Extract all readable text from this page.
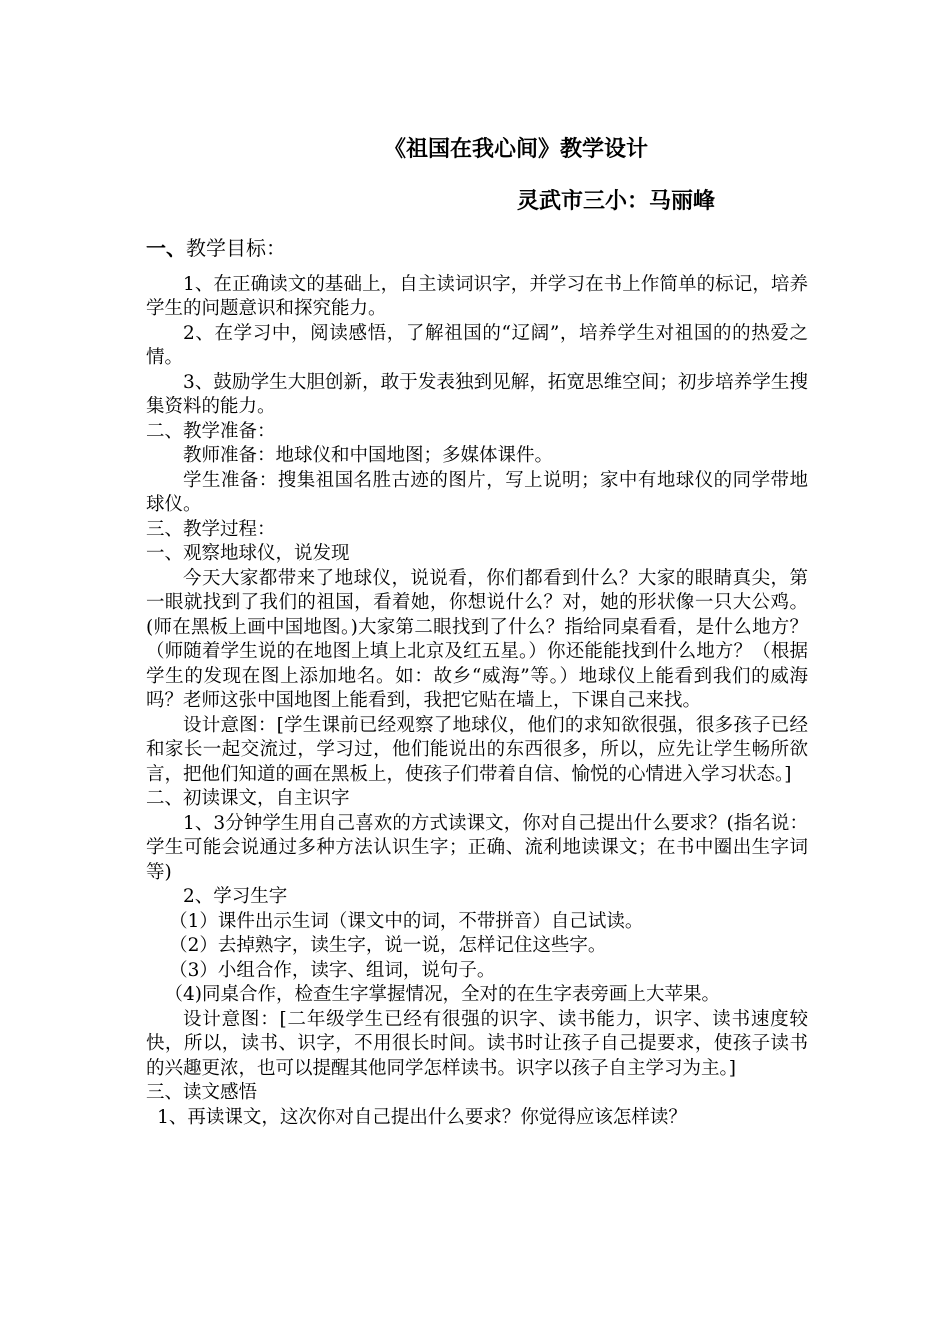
《祖国在我心间》教学设计
灵武市三小：马丽峰

一、教学目标：

1、在正确读文的基础上，自主读词识字，并学习在书上作简单的标记，培养学生的问题意识和探究能力。

2、在学习中，阅读感悟，了解祖国的“辽阔”，培养学生对祖国的的热爱之情。

3、鼓励学生大胆创新，敢于发表独到见解，拓宽思维空间；初步培养学生搜集资料的能力。

二、教学准备：

教师准备：地球仪和中国地图；多媒体课件。

学生准备：搜集祖国名胜古迹的图片，写上说明；家中有地球仪的同学带地球仪。

三、教学过程：

一、观察地球仪，说发现

今天大家都带来了地球仪，说说看，你们都看到什么？大家的眼睛真尖，第一眼就找到了我们的祖国，看着她，你想说什么？对，她的形状像一只大公鸡。(师在黑板上画中国地图。)大家第二眼找到了什么？指给同桌看看，是什么地方？（师随着学生说的在地图上填上北京及红五星。）你还能能找到什么地方？（根据学生的发现在图上添加地名。如：故乡“威海”等。）地球仪上能看到我们的威海吗？老师这张中国地图上能看到，我把它贴在墙上，下课自己来找。

设计意图：[学生课前已经观察了地球仪，他们的求知欲很强，很多孩子已经和家长一起交流过，学习过，他们能说出的东西很多，所以，应先让学生畅所欲言，把他们知道的画在黑板上，使孩子们带着自信、愉悦的心情进入学习状态。]

二、初读课文，自主识字

1、3分钟学生用自己喜欢的方式读课文，你对自己提出什么要求？(指名说：学生可能会说通过多种方法认识生字；正确、流利地读课文；在书中圈出生字词等)

2、学习生字

（1）课件出示生词（课文中的词，不带拼音）自己试读。

（2）去掉熟字，读生字，说一说，怎样记住这些字。

（3）小组合作，读字、组词，说句子。

（4)同桌合作，检查生字掌握情况，全对的在生字表旁画上大苹果。

设计意图：[二年级学生已经有很强的识字、读书能力，识字、读书速度较快，所以，读书、识字，不用很长时间。读书时让孩子自己提要求，使孩子读书的兴趣更浓，也可以提醒其他同学怎样读书。识字以孩子自主学习为主。]

三、读文感悟

1、再读课文，这次你对自己提出什么要求？你觉得应该怎样读？
